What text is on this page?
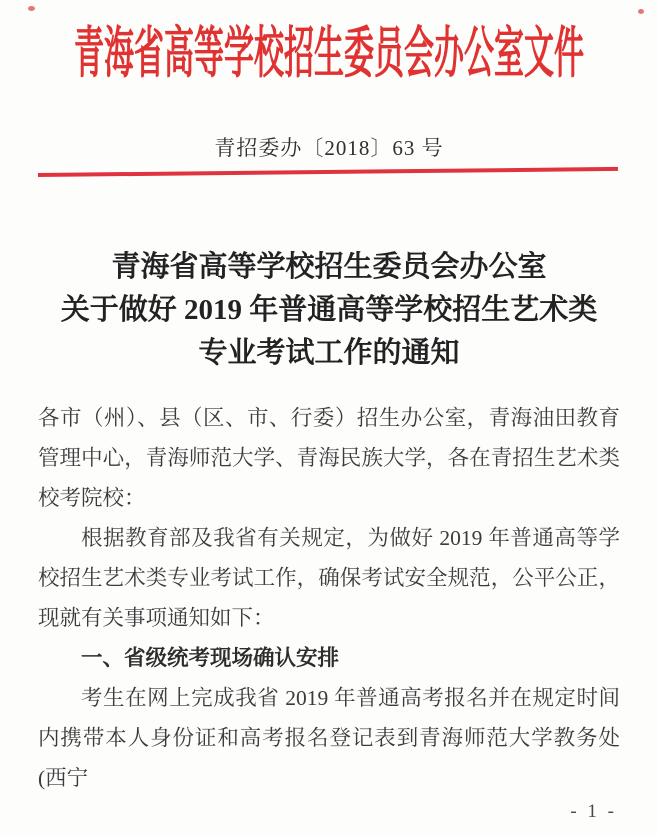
青海省高等学校招生委员会办公室文件
青招委办〔2018〕63 号
青海省高等学校招生委员会办公室
关于做好 2019 年普通高等学校招生艺术类
专业考试工作的通知

各市（州）、县（区、市、行委）招生办公室，青海油田教育管理中心，青海师范大学、青海民族大学，各在青招生艺术类校考院校：

根据教育部及我省有关规定，为做好 2019 年普通高等学校招生艺术类专业考试工作，确保考试安全规范，公平公正，现就有关事项通知如下：

一、省级统考现场确认安排

考生在网上完成我省 2019 年普通高考报名并在规定时间内携带本人身份证和高考报名登记表到青海师范大学教务处(西宁

- 1 -
